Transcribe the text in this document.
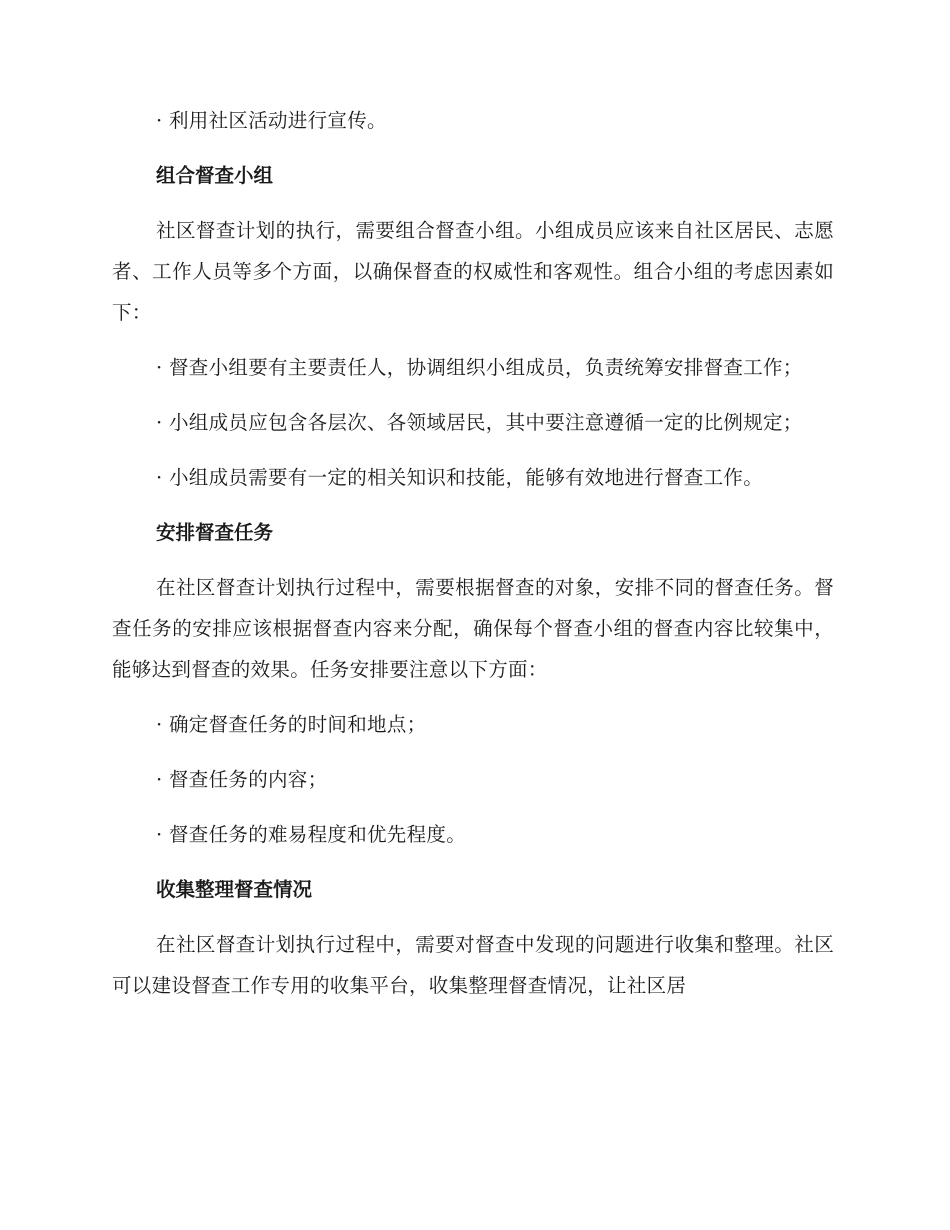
· 利用社区活动进行宣传。

组合督查小组

社区督查计划的执行，需要组合督查小组。小组成员应该来自社区居民、志愿者、工作人员等多个方面，以确保督查的权威性和客观性。组合小组的考虑因素如下：

· 督查小组要有主要责任人，协调组织小组成员，负责统筹安排督查工作；

· 小组成员应包含各层次、各领域居民，其中要注意遵循一定的比例规定；

· 小组成员需要有一定的相关知识和技能，能够有效地进行督查工作。

安排督查任务

在社区督查计划执行过程中，需要根据督查的对象，安排不同的督查任务。督查任务的安排应该根据督查内容来分配，确保每个督查小组的督查内容比较集中，能够达到督查的效果。任务安排要注意以下方面：

· 确定督查任务的时间和地点；

· 督查任务的内容；

· 督查任务的难易程度和优先程度。

收集整理督查情况

在社区督查计划执行过程中，需要对督查中发现的问题进行收集和整理。社区可以建设督查工作专用的收集平台，收集整理督查情况，让社区居
